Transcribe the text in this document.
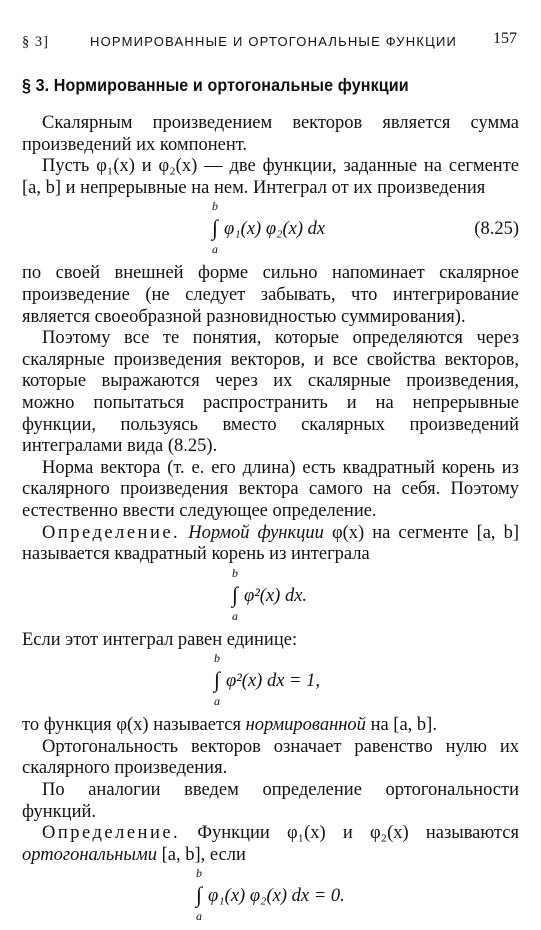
§ 3]	НОРМИРОВАННЫЕ И ОРТОГОНАЛЬНЫЕ ФУНКЦИИ 157
§ 3. Нормированные и ортогональные функции

Скалярным произведением векторов является сумма произведений их компонент.

Пусть φ₁(x) и φ₂(x) — две функции, заданные на сегменте [a, b] и непрерывные на нем. Интеграл от их произведения

b
∫
a
φ₁(x) φ₂(x) dx	(8.25)

по своей внешней форме сильно напоминает скалярное произведение (не следует забывать, что интегрирование является своеобразной разновидностью суммирования).

Поэтому все те понятия, которые определяются через скалярные произведения векторов, и все свойства векторов, которые выражаются через их скалярные произведения, можно попытаться распространить и на непрерывные функции, пользуясь вместо скалярных произведений интегралами вида (8.25).

Норма вектора (т. е. его длина) есть квадратный корень из скалярного произведения вектора самого на себя. Поэтому естественно ввести следующее определение.

Определение. Нормой функции φ(x) на сегменте [a, b] называется квадратный корень из интеграла

b
∫
a
φ²(x) dx.

Если этот интеграл равен единице:

b
∫
a
φ²(x) dx = 1,

то функция φ(x) называется нормированной на [a, b].

Ортогональность векторов означает равенство нулю их скалярного произведения.

По аналогии введем определение ортогональности функций.

Определение. Функции φ₁(x) и φ₂(x) называются ортогональными [a, b], если

b
∫
a
φ₁(x) φ₂(x) dx = 0.
